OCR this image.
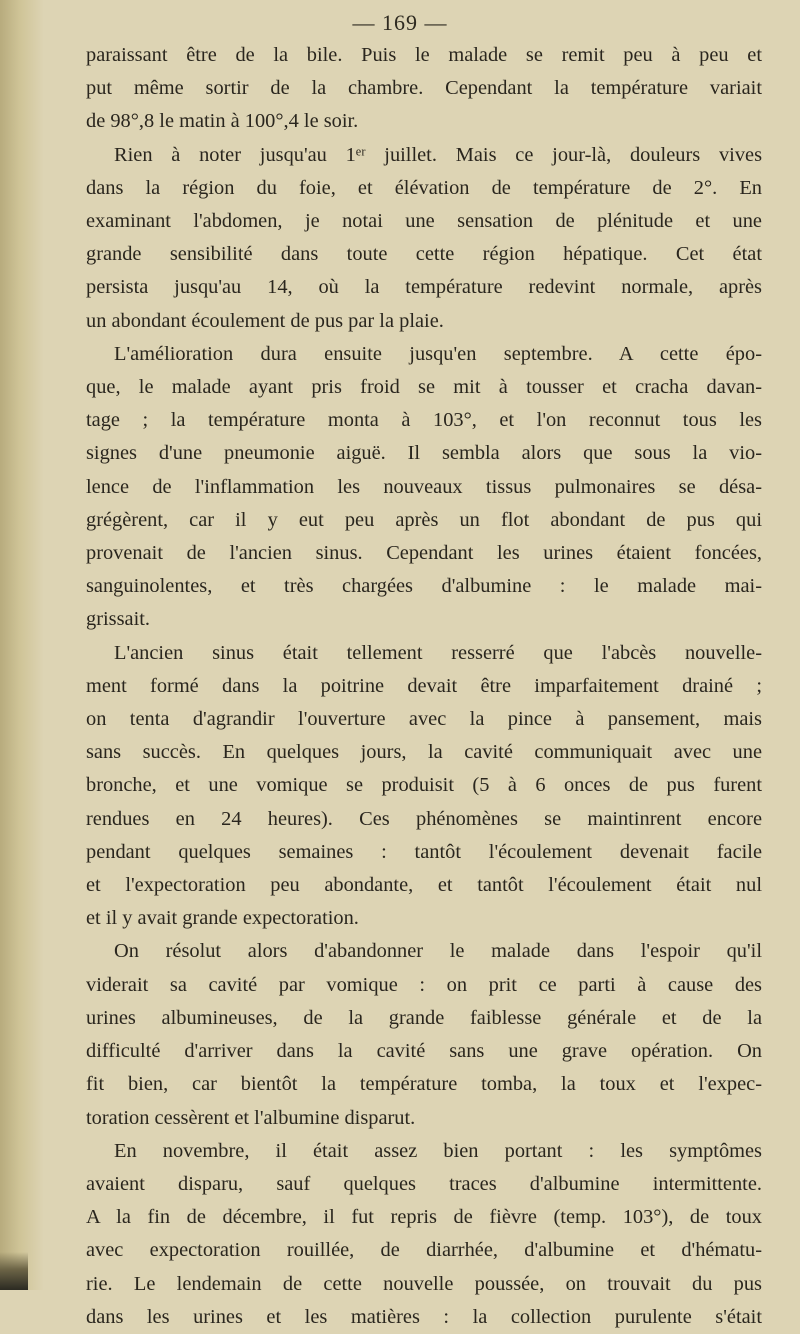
— 169 —
paraissant être de la bile. Puis le malade se remit peu à peu et
put même sortir de la chambre. Cependant la température variait
de 98°,8 le matin à 100°,4 le soir.
Rien à noter jusqu'au 1ᵉʳ juillet. Mais ce jour-là, douleurs vives
dans la région du foie, et élévation de température de 2°. En
examinant l'abdomen, je notai une sensation de plénitude et une
grande sensibilité dans toute cette région hépatique. Cet état
persista jusqu'au 14, où la température redevint normale, après
un abondant écoulement de pus par la plaie.
L'amélioration dura ensuite jusqu'en septembre. A cette épo-
que, le malade ayant pris froid se mit à tousser et cracha davan-
tage ; la température monta à 103°, et l'on reconnut tous les
signes d'une pneumonie aiguë. Il sembla alors que sous la vio-
lence de l'inflammation les nouveaux tissus pulmonaires se désa-
grégèrent, car il y eut peu après un flot abondant de pus qui
provenait de l'ancien sinus. Cependant les urines étaient foncées,
sanguinolentes, et très chargées d'albumine : le malade mai-
grissait.
L'ancien sinus était tellement resserré que l'abcès nouvelle-
ment formé dans la poitrine devait être imparfaitement drainé ;
on tenta d'agrandir l'ouverture avec la pince à pansement, mais
sans succès. En quelques jours, la cavité communiquait avec une
bronche, et une vomique se produisit (5 à 6 onces de pus furent
rendues en 24 heures). Ces phénomènes se maintinrent encore
pendant quelques semaines : tantôt l'écoulement devenait facile
et l'expectoration peu abondante, et tantôt l'écoulement était nul
et il y avait grande expectoration.
On résolut alors d'abandonner le malade dans l'espoir qu'il
viderait sa cavité par vomique : on prit ce parti à cause des
urines albumineuses, de la grande faiblesse générale et de la
difficulté d'arriver dans la cavité sans une grave opération. On
fit bien, car bientôt la température tomba, la toux et l'expec-
toration cessèrent et l'albumine disparut.
En novembre, il était assez bien portant : les symptômes
avaient disparu, sauf quelques traces d'albumine intermittente.
A la fin de décembre, il fut repris de fièvre (temp. 103°), de toux
avec expectoration rouillée, de diarrhée, d'albumine et d'hématu-
rie. Le lendemain de cette nouvelle poussée, on trouvait du pus
dans les urines et les matières : la collection purulente s'était
